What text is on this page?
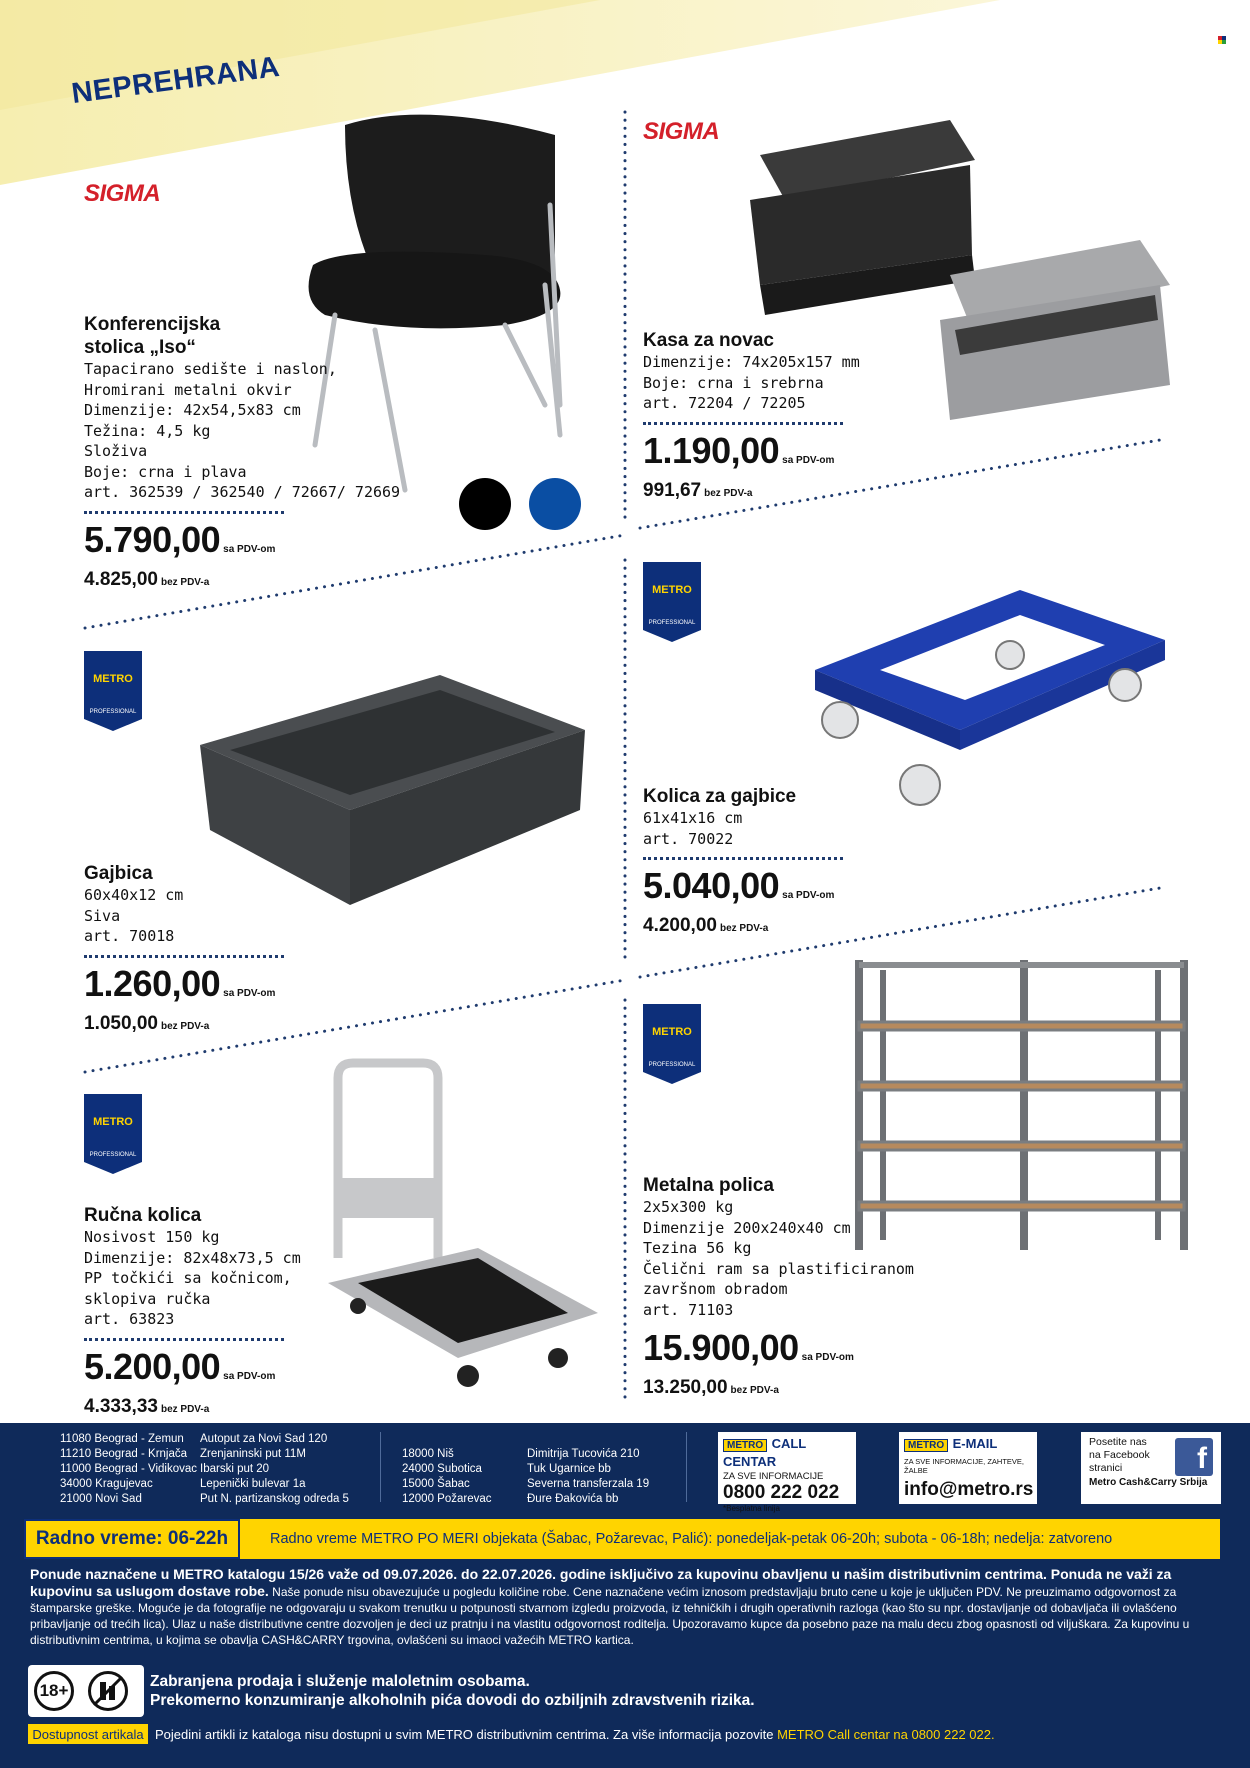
NEPREHRANA
SIGMA
Konferencijska
stolica „Iso“
Tapacirano sedište i naslon,
Hromirani metalni okvir
Dimenzije: 42x54,5x83 cm
Težina: 4,5 kg
Složiva
Boje: crna i plava
art. 362539 / 362540 / 72667/ 72669
5.790,00 sa PDV-om
4.825,00 bez PDV-a
SIGMA
Kasa za novac
Dimenzije: 74x205x157 mm
Boje: crna i srebrna
art. 72204 / 72205
1.190,00 sa PDV-om
991,67 bez PDV-a
METRO
PROFESSIONAL
Gajbica
60x40x12 cm
Siva
art. 70018
1.260,00 sa PDV-om
1.050,00 bez PDV-a
METRO
PROFESSIONAL
Kolica za gajbice
61x41x16 cm
art. 70022
5.040,00 sa PDV-om
4.200,00 bez PDV-a
METRO
PROFESSIONAL
Ručna kolica
Nosivost 150 kg
Dimenzije: 82x48x73,5 cm
PP točkići sa kočnicom,
sklopiva ručka
art. 63823
5.200,00 sa PDV-om
4.333,33 bez PDV-a
METRO
PROFESSIONAL
Metalna polica
2x5x300 kg
Dimenzije 200x240x40 cm
Tezina 56 kg
Čelični ram sa plastificiranom
završnom obradom
art. 71103
15.900,00 sa PDV-om
13.250,00 bez PDV-a
11080 Beograd - Zemun
11210 Beograd - Krnjača
11000 Beograd - Vidikovac
34000 Kragujevac
21000 Novi Sad
Autoput za Novi Sad 120
Zrenjaninski put 11M
Ibarski put 20
Lepenički bulevar 1a
Put N. partizanskog odreda 5
18000 Niš
24000 Subotica
15000 Šabac
12000 Požarevac
Dimitrija Tucovića 210
Tuk Ugarnice bb
Severna transferzala 19
Đure Đakovića bb
METRO CALL CENTAR
ZA SVE INFORMACIJE
0800 222 022
*Besplatna linija
METRO E-MAIL
ZA SVE INFORMACIJE, ZAHTEVE, ŽALBE
info@metro.rs
Posetite nas
na Facebook
stranici
Metro Cash&Carry Srbija
f
Radno vreme: 06-22h	Radno vreme METRO PO MERI objekata (Šabac, Požarevac, Palić): ponedeljak-petak 06-20h; subota - 06-18h; nedelja: zatvoreno
Ponude naznačene u METRO katalogu 15/26 važe od 09.07.2026. do 22.07.2026. godine isključivo za kupovinu obavljenu u našim distributivnim centrima. Ponuda ne važi za kupovinu sa uslugom dostave robe. Naše ponude nisu obavezujuće u pogledu količine robe. Cene naznačene većim iznosom predstavljaju bruto cene u koje je uključen PDV. Ne preuzimamo odgovornost za štamparske greške. Moguće je da fotografije ne odgovaraju u svakom trenutku u potpunosti stvarnom izgledu proizvoda, iz tehničkih i drugih operativnih razloga (kao što su npr. dostavljanje od dobavljača ili ovlašćeno pribavljanje od trećih lica). Ulaz u naše distributivne centre dozvoljen je deci uz pratnju i na vlastitu odgovornost roditelja. Upozoravamo kupce da posebno paze na malu decu zbog opasnosti od viljuškara. Za kupovinu u distributivnim centrima, u kojima se obavlja CASH&CARRY trgovina, ovlašćeni su imaoci važećih METRO kartica.
18+	Zabranjena prodaja i služenje maloletnim osobama.
Prekomerno konzumiranje alkoholnih pića dovodi do ozbiljnih zdravstvenih rizika.
Dostupnost artikala Pojedini artikli iz kataloga nisu dostupni u svim METRO distributivnim centrima. Za više informacija pozovite METRO Call centar na 0800 222 022.
